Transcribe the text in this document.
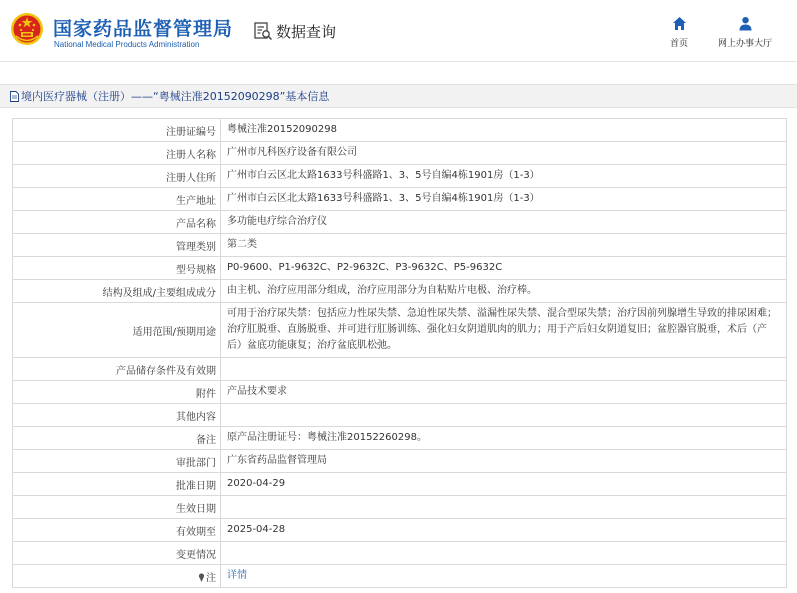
国家药品监督管理局
National Medical Products Administration
数据查询
首页	网上办事大厅
境内医疗器械（注册）——“粤械注准20152090298”基本信息
注册证编号	粤械注准20152090298
注册人名称	广州市凡科医疗设备有限公司
注册人住所	广州市白云区北太路1633号科盛路1、3、5号自编4栋1901房（1-3）
生产地址	广州市白云区北太路1633号科盛路1、3、5号自编4栋1901房（1-3）
产品名称	多功能电疗综合治疗仪
管理类别	第二类
型号规格	P0-9600、P1-9632C、P2-9632C、P3-9632C、P5-9632C
结构及组成/主要组成成分	由主机、治疗应用部分组成，治疗应用部分为自粘贴片电极、治疗棒。
适用范围/预期用途	可用于治疗尿失禁：包括应力性尿失禁、急迫性尿失禁、溢漏性尿失禁、混合型尿失禁；治疗因前列腺增生导致的排尿困难；治疗肛脱垂、直肠脱垂、并可进行肛肠训练、强化妇女阴道肌肉的肌力；用于产后妇女阴道复旧；盆腔器官脱垂，术后（产后）盆底功能康复；治疗盆底肌松弛。
产品储存条件及有效期	
附件	产品技术要求
其他内容	
备注	原产品注册证号：粤械注准20152260298。
审批部门	广东省药品监督管理局
批准日期	2020-04-29
生效日期	
有效期至	2025-04-28
变更情况	
注	详情
